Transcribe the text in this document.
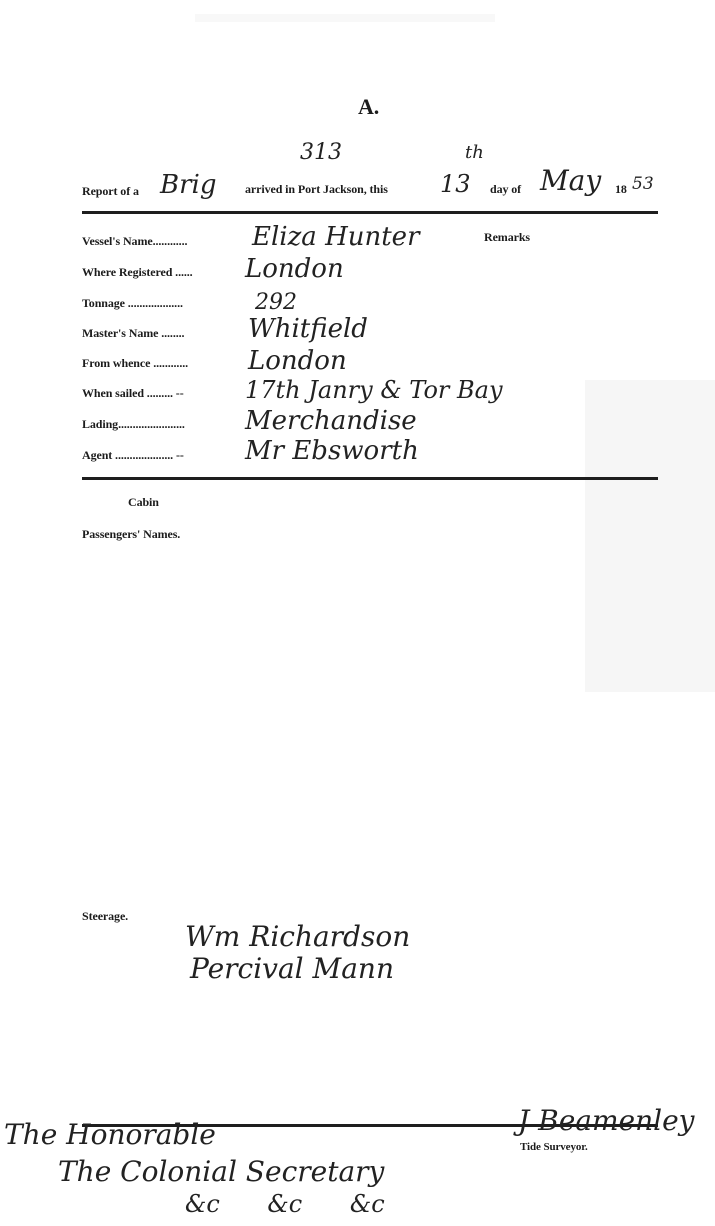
A.
313
Report of a Brig arrived in Port Jackson, this 13
th
day of May 18 53
Remarks
Vessel's Name............ Eliza Hunter
Where Registered ...... London
Tonnage ...................	292
Master's Name ........ Whitfield
From whence ............ London
When sailed ......... --	17th Janry & Tor Bay
Lading....................... Merchandise
Agent .................... -- Mr Ebsworth
Cabin
Passengers' Names.
Steerage.
Wm Richardson
Percival Mann
Tide Surveyor.
J Beamenley
The Honorable
The Colonial Secretary
&c &c &c
